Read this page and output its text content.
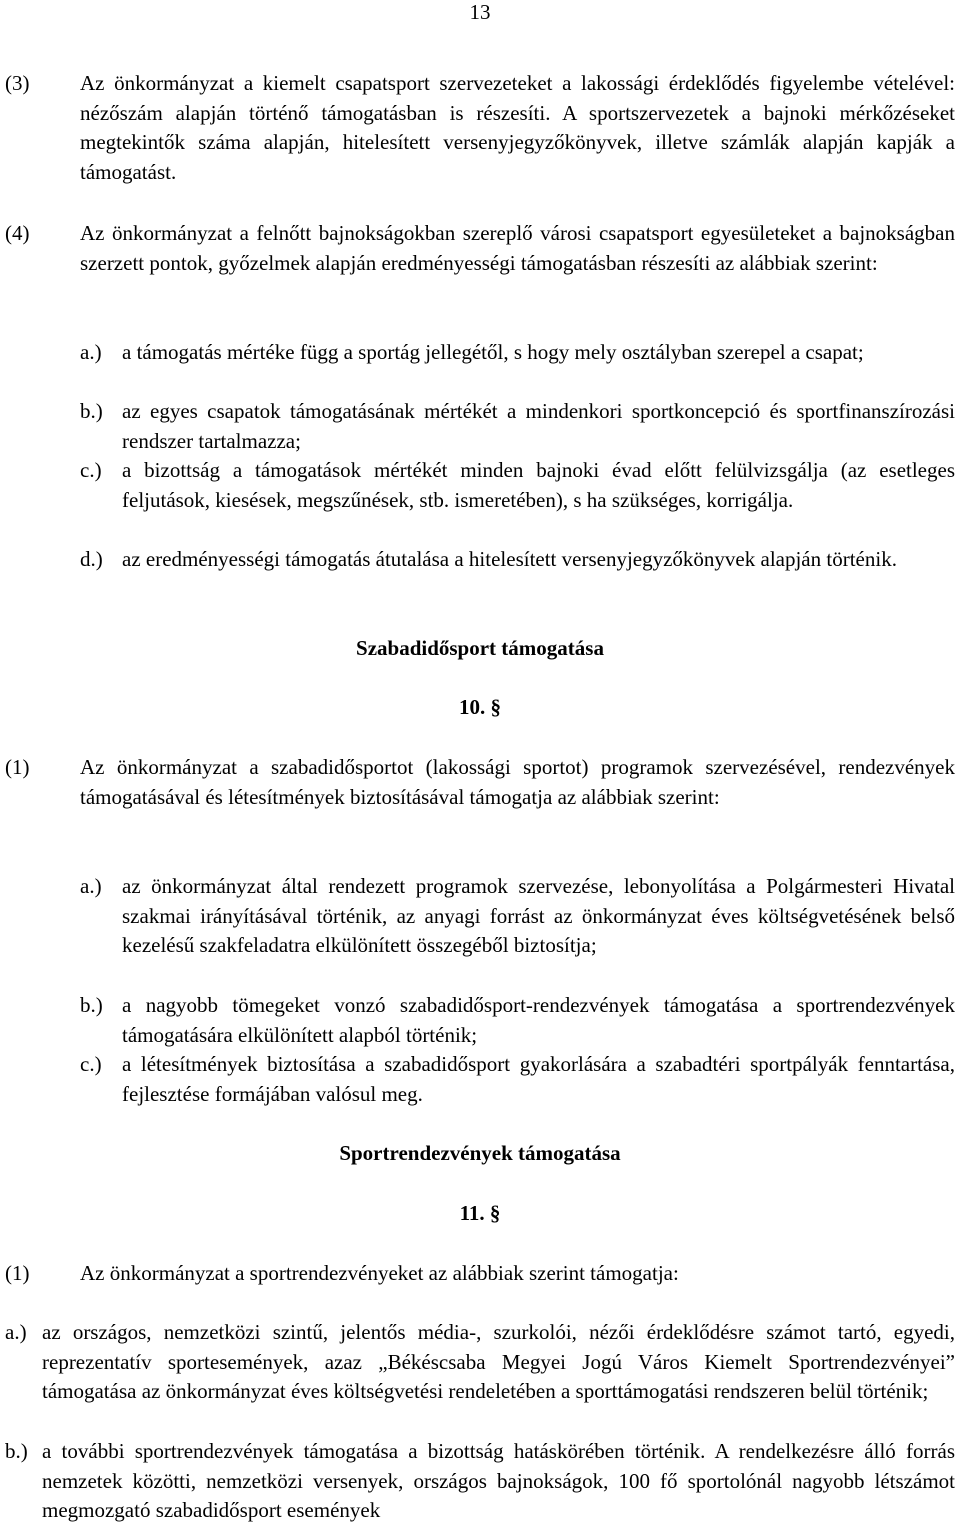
13
(3) Az önkormányzat a kiemelt csapatsport szervezeteket a lakossági érdeklődés figyelembe vételével: nézőszám alapján történő támogatásban is részesíti. A sportszervezetek a bajnoki mérkőzéseket megtekintők száma alapján, hitelesített versenyjegyzőkönyvek, illetve számlák alapján kapják a támogatást.
(4) Az önkormányzat a felnőtt bajnokságokban szereplő városi csapatsport egyesületeket a bajnokságban szerzett pontok, győzelmek alapján eredményességi támogatásban részesíti az alábbiak szerint:
a.) a támogatás mértéke függ a sportág jellegétől, s hogy mely osztályban szerepel a csapat;
b.) az egyes csapatok támogatásának mértékét a mindenkori sportkoncepció és sportfinanszírozási rendszer tartalmazza;
c.) a bizottság a támogatások mértékét minden bajnoki évad előtt felülvizsgálja (az esetleges feljutások, kiesések, megszűnések, stb. ismeretében), s ha szükséges, korrigálja.
d.) az eredményességi támogatás átutalása a hitelesített versenyjegyzőkönyvek alapján történik.
Szabadidősport támogatása
10. §
(1) Az önkormányzat a szabadidősportot (lakossági sportot) programok szervezésével, rendezvények támogatásával és létesítmények biztosításával támogatja az alábbiak szerint:
a.) az önkormányzat által rendezett programok szervezése, lebonyolítása a Polgármesteri Hivatal szakmai irányításával történik, az anyagi forrást az önkormányzat éves költségvetésének belső kezelésű szakfeladatra elkülönített összegéből biztosítja;
b.) a nagyobb tömegeket vonzó szabadidősport-rendezvények támogatása a sportrendezvények támogatására elkülönített alapból történik;
c.) a létesítmények biztosítása a szabadidősport gyakorlására a szabadtéri sportpályák fenntartása, fejlesztése formájában valósul meg.
Sportrendezvények támogatása
11. §
(1) Az önkormányzat a sportrendezvényeket az alábbiak szerint támogatja:
a.) az országos, nemzetközi szintű, jelentős média-, szurkolói, nézői érdeklődésre számot tartó, egyedi, reprezentatív sportesemények, azaz „Békéscsaba Megyei Jogú Város Kiemelt Sportrendezvényei” támogatása az önkormányzat éves költségvetési rendeletében a sporttámogatási rendszeren belül történik;
b.) a további sportrendezvények támogatása a bizottság hatáskörében történik. A rendelkezésre álló forrás nemzetek közötti, nemzetközi versenyek, országos bajnokságok, 100 fő sportolónál nagyobb létszámot megmozgató szabadidősport események
